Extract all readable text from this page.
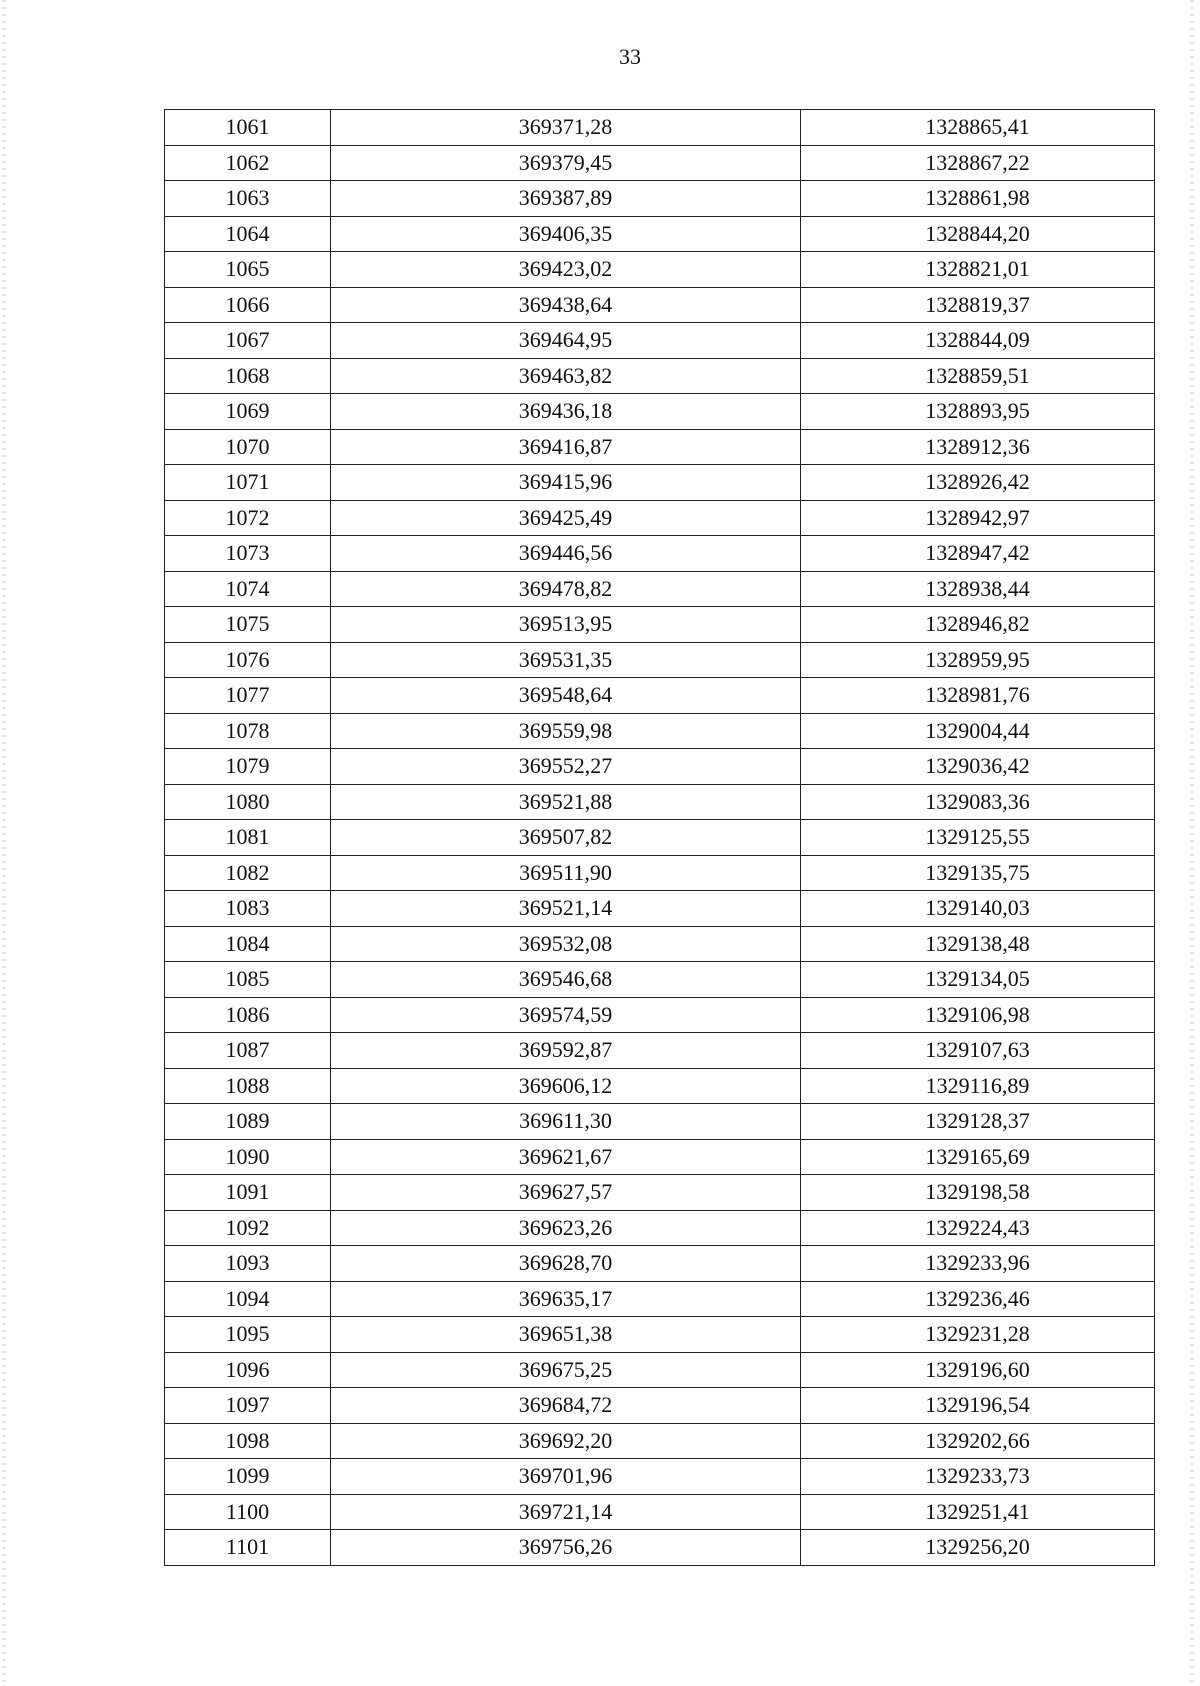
33
1061	369371,28	1328865,41
1062	369379,45	1328867,22
1063	369387,89	1328861,98
1064	369406,35	1328844,20
1065	369423,02	1328821,01
1066	369438,64	1328819,37
1067	369464,95	1328844,09
1068	369463,82	1328859,51
1069	369436,18	1328893,95
1070	369416,87	1328912,36
1071	369415,96	1328926,42
1072	369425,49	1328942,97
1073	369446,56	1328947,42
1074	369478,82	1328938,44
1075	369513,95	1328946,82
1076	369531,35	1328959,95
1077	369548,64	1328981,76
1078	369559,98	1329004,44
1079	369552,27	1329036,42
1080	369521,88	1329083,36
1081	369507,82	1329125,55
1082	369511,90	1329135,75
1083	369521,14	1329140,03
1084	369532,08	1329138,48
1085	369546,68	1329134,05
1086	369574,59	1329106,98
1087	369592,87	1329107,63
1088	369606,12	1329116,89
1089	369611,30	1329128,37
1090	369621,67	1329165,69
1091	369627,57	1329198,58
1092	369623,26	1329224,43
1093	369628,70	1329233,96
1094	369635,17	1329236,46
1095	369651,38	1329231,28
1096	369675,25	1329196,60
1097	369684,72	1329196,54
1098	369692,20	1329202,66
1099	369701,96	1329233,73
1100	369721,14	1329251,41
1101	369756,26	1329256,20
